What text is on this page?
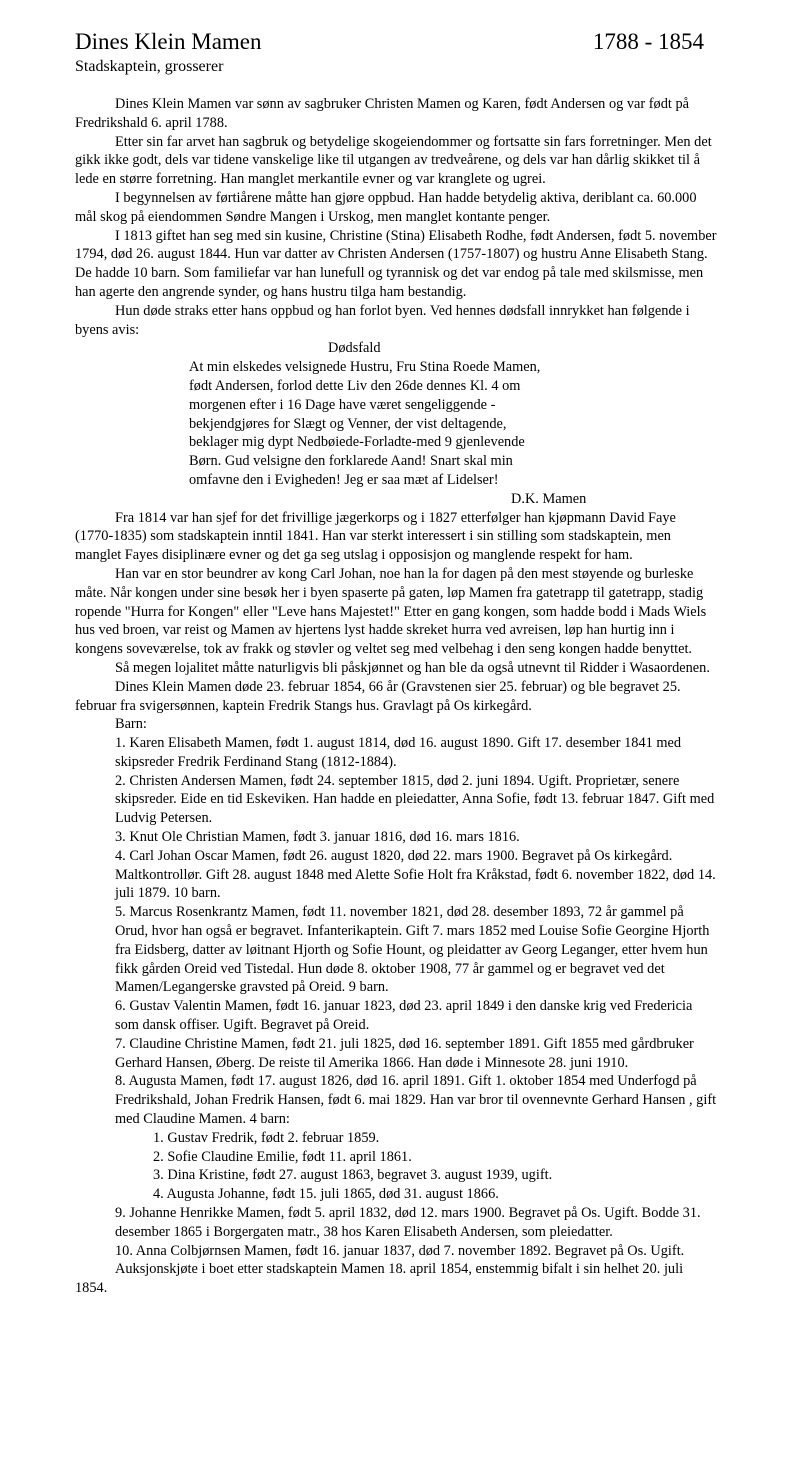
Dines Klein Mamen	1788 - 1854
Stadskaptein, grosserer

Dines Klein Mamen var sønn av sagbruker Christen Mamen og Karen, født Andersen og var født på Fredrikshald 6. april 1788.

Etter sin far arvet han sagbruk og betydelige skogeiendommer og fortsatte sin fars forretninger. Men det gikk ikke godt, dels var tidene vanskelige like til utgangen av tredveårene, og dels var han dårlig skikket til å lede en større forretning. Han manglet merkantile evner og var kranglete og ugrei.

I begynnelsen av førtiårene måtte han gjøre oppbud. Han hadde betydelig aktiva, deriblant ca. 60.000 mål skog på eiendommen Søndre Mangen i Urskog, men manglet kontante penger.

I 1813 giftet han seg med sin kusine, Christine (Stina) Elisabeth Rodhe, født Andersen, født 5. november 1794, død 26. august 1844. Hun var datter av Christen Andersen (1757-1807) og hustru Anne Elisabeth Stang. De hadde 10 barn. Som familiefar var han lunefull og tyrannisk og det var endog på tale med skilsmisse, men han agerte den angrende synder, og hans hustru tilga ham bestandig.

Hun døde straks etter hans oppbud og han forlot byen. Ved hennes dødsfall innrykket han følgende i byens avis:

Dødsfald

At min elskedes velsignede Hustru, Fru Stina Roede Mamen,

født Andersen, forlod dette Liv den 26de dennes Kl. 4 om

morgenen efter i 16 Dage have været sengeliggende -

bekjendgjøres for Slægt og Venner, der vist deltagende,

beklager mig dypt Nedbøiede-Forladte-med 9 gjenlevende

Børn. Gud velsigne den forklarede Aand! Snart skal min

omfavne den i Evigheden! Jeg er saa mæt af Lidelser!

D.K. Mamen

Fra 1814 var han sjef for det frivillige jægerkorps og i 1827 etterfølger han kjøpmann David Faye (1770-1835) som stadskaptein inntil 1841. Han var sterkt interessert i sin stilling som stadskaptein, men manglet Fayes disiplinære evner og det ga seg utslag i opposisjon og manglende respekt for ham.

Han var en stor beundrer av kong Carl Johan, noe han la for dagen på den mest støyende og burleske måte. Når kongen under sine besøk her i byen spaserte på gaten, løp Mamen fra gatetrapp til gatetrapp, stadig ropende "Hurra for Kongen" eller "Leve hans Majestet!" Etter en gang kongen, som hadde bodd i Mads Wiels hus ved broen, var reist og Mamen av hjertens lyst hadde skreket hurra ved avreisen, løp han hurtig inn i kongens soveværelse, tok av frakk og støvler og veltet seg med velbehag i den seng kongen hadde benyttet.

Så megen lojalitet måtte naturligvis bli påskjønnet og han ble da også utnevnt til Ridder i Wasaordenen.

Dines Klein Mamen døde 23. februar 1854, 66 år (Gravstenen sier 25. februar) og ble begravet 25. februar fra svigersønnen, kaptein Fredrik Stangs hus. Gravlagt på Os kirkegård.

Barn:

1. Karen Elisabeth Mamen, født 1. august 1814, død 16. august 1890. Gift 17. desember 1841 med skipsreder Fredrik Ferdinand Stang (1812-1884).

2. Christen Andersen Mamen, født 24. september 1815, død 2. juni 1894. Ugift. Proprietær, senere skipsreder. Eide en tid Eskeviken. Han hadde en pleiedatter, Anna Sofie, født 13. februar 1847. Gift med Ludvig Petersen.

3. Knut Ole Christian Mamen, født 3. januar 1816, død 16. mars 1816.

4. Carl Johan Oscar Mamen, født 26. august 1820, død 22. mars 1900. Begravet på Os kirkegård. Maltkontrollør. Gift 28. august 1848 med Alette Sofie Holt fra Kråkstad, født 6. november 1822, død 14. juli 1879. 10 barn.

5. Marcus Rosenkrantz Mamen, født 11. november 1821, død 28. desember 1893, 72 år gammel på Orud, hvor han også er begravet. Infanterikaptein. Gift 7. mars 1852 med Louise Sofie Georgine Hjorth fra Eidsberg, datter av løitnant Hjorth og Sofie Hount, og pleidatter av Georg Leganger, etter hvem hun fikk gården Oreid ved Tistedal. Hun døde 8. oktober 1908, 77 år gammel og er begravet ved det Mamen/Legangerske gravsted på Oreid. 9 barn.

6. Gustav Valentin Mamen, født 16. januar 1823, død 23. april 1849 i den danske krig ved Fredericia som dansk offiser. Ugift. Begravet på Oreid.

7. Claudine Christine Mamen, født 21. juli 1825, død 16. september 1891. Gift 1855 med gårdbruker Gerhard Hansen, Øberg. De reiste til Amerika 1866. Han døde i Minnesote 28. juni 1910.

8. Augusta Mamen, født 17. august 1826, død 16. april 1891. Gift 1. oktober 1854 med Underfogd på Fredrikshald, Johan Fredrik Hansen, født 6. mai 1829. Han var bror til ovennevnte Gerhard Hansen , gift med Claudine Mamen. 4 barn:

1. Gustav Fredrik, født 2. februar 1859.

2. Sofie Claudine Emilie, født 11. april 1861.

3. Dina Kristine, født 27. august 1863, begravet 3. august 1939, ugift.

4. Augusta Johanne, født 15. juli 1865, død 31. august 1866.

9. Johanne Henrikke Mamen, født 5. april 1832, død 12. mars 1900. Begravet på Os. Ugift. Bodde 31. desember 1865 i Borgergaten matr., 38 hos Karen Elisabeth Andersen, som pleiedatter.

10. Anna Colbjørnsen Mamen, født 16. januar 1837, død 7. november 1892. Begravet på Os. Ugift.

Auksjonskjøte i boet etter stadskaptein Mamen 18. april 1854, enstemmig bifalt i sin helhet 20. juli 1854.
